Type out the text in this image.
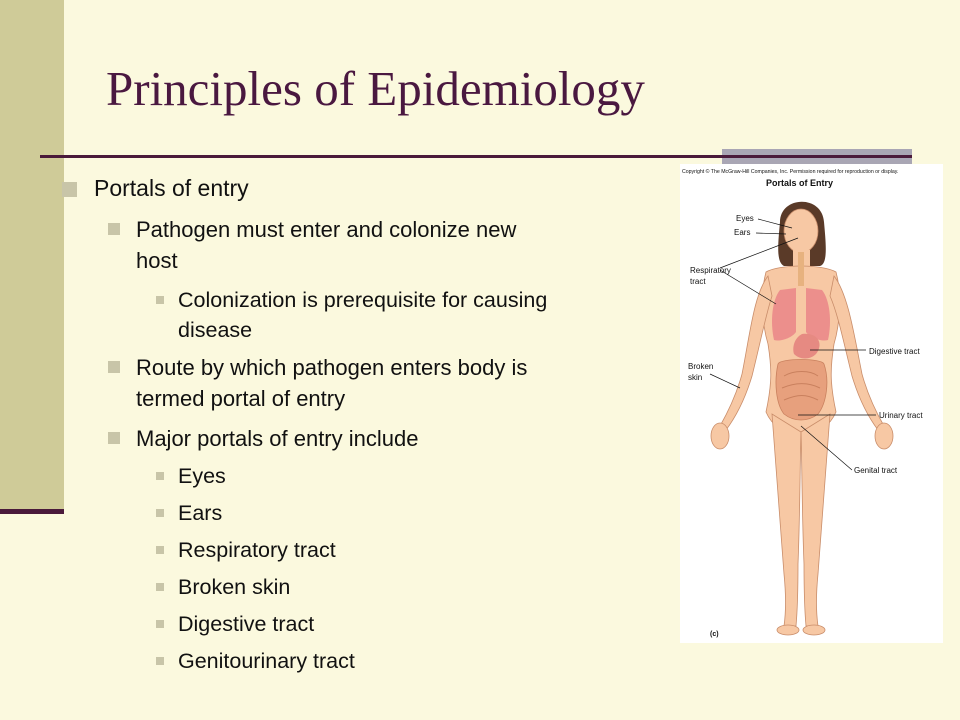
Principles of Epidemiology
Portals of entry
Pathogen must enter and colonize new
host
Colonization is prerequisite for causing
disease
Route by which pathogen enters body is
termed portal of entry
Major portals of entry include
Eyes
Ears
Respiratory tract
Broken skin
Digestive tract
Genitourinary tract
Copyright © The McGraw-Hill Companies, Inc. Permission required for reproduction or display.
Portals of Entry
Eyes
Ears
Respiratory
tract
Broken
skin
Digestive tract
Urinary tract
Genital tract
(c)
